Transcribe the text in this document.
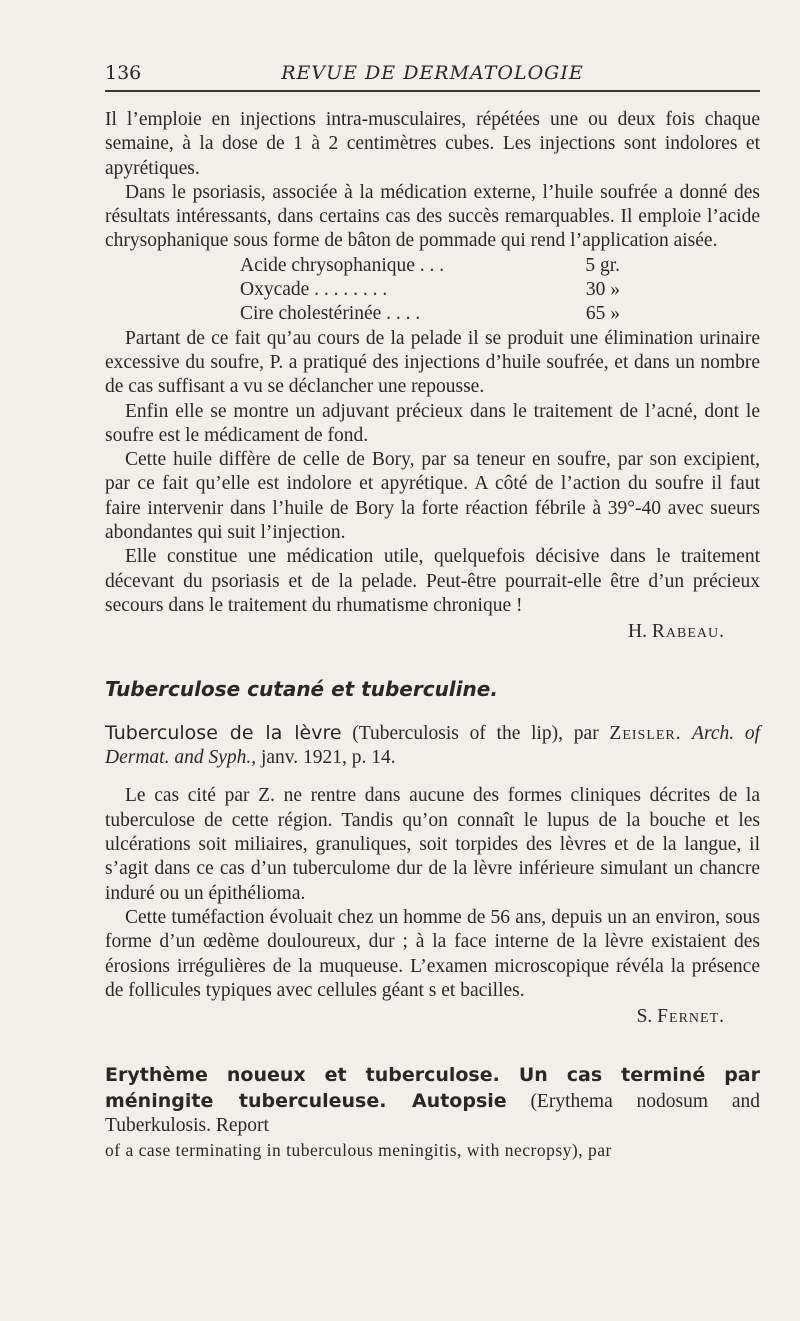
136	REVUE DE DERMATOLOGIE

Il l’emploie en injections intra-musculaires, répétées une ou deux fois chaque semaine, à la dose de 1 à 2 centimètres cubes. Les injections sont indolores et apyrétiques.

Dans le psoriasis, associée à la médication externe, l’huile soufrée a donné des résultats intéressants, dans certains cas des succès remarquables. Il emploie l’acide chrysophanique sous forme de bâton de pommade qui rend l’application aisée.

Acide chrysophanique . . .	5 gr.
Oxycade . . . . . . . .	30 »
Cire cholestérinée . . . .	65 »

Partant de ce fait qu’au cours de la pelade il se produit une élimination urinaire excessive du soufre, P. a pratiqué des injections d’huile soufrée, et dans un nombre de cas suffisant a vu se déclancher une repousse.

Enfin elle se montre un adjuvant précieux dans le traitement de l’acné, dont le soufre est le médicament de fond.

Cette huile diffère de celle de Bory, par sa teneur en soufre, par son excipient, par ce fait qu’elle est indolore et apyrétique. A côté de l’action du soufre il faut faire intervenir dans l’huile de Bory la forte réaction fébrile à 39°-40 avec sueurs abondantes qui suit l’injection.

Elle constitue une médication utile, quelquefois décisive dans le traitement décevant du psoriasis et de la pelade. Peut-être pourrait-elle être d’un précieux secours dans le traitement du rhumatisme chronique !

H. Rabeau.
Tuberculose cutané et tuberculine.

Tuberculose de la lèvre (Tuberculosis of the lip), par Zeisler. Arch. of Dermat. and Syph., janv. 1921, p. 14.

Le cas cité par Z. ne rentre dans aucune des formes cliniques décrites de la tuberculose de cette région. Tandis qu’on connaît le lupus de la bouche et les ulcérations soit miliaires, granuliques, soit torpides des lèvres et de la langue, il s’agit dans ce cas d’un tuberculome dur de la lèvre inférieure simulant un chancre induré ou un épithélioma.

Cette tuméfaction évoluait chez un homme de 56 ans, depuis un an environ, sous forme d’un œdème douloureux, dur ; à la face interne de la lèvre existaient des érosions irrégulières de la muqueuse. L’examen microscopique révéla la présence de follicules typiques avec cellules géant s et bacilles.

S. Fernet.

Erythème noueux et tuberculose. Un cas terminé par méningite tuberculeuse. Autopsie (Erythema nodosum and Tuberkulosis. Report

of a case terminating in tuberculous meningitis, with necropsy), par
